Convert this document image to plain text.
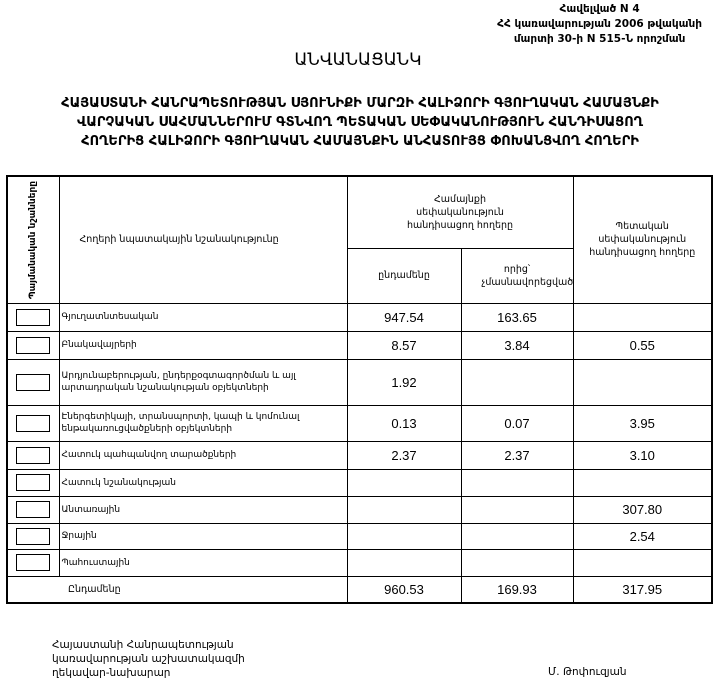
Հավելված N 4
ՀՀ կառավարության 2006 թվականի
մարտի 30-ի N 515-Ն որոշման
ԱՆՎԱՆԱՑԱՆԿ
ՀԱՅԱՍՏԱՆԻ ՀԱՆՐԱՊԵՏՈՒԹՅԱՆ ՍՅՈՒՆԻՔԻ ՄԱՐԶԻ ՀԱԼԻՁՈՐԻ ԳՅՈՒՂԱԿԱՆ ՀԱՄԱՅՆՔԻ
ՎԱՐՉԱԿԱՆ ՍԱՀՄԱՆՆԵՐՈՒՄ ԳՏՆՎՈՂ ՊԵՏԱԿԱՆ ՍԵՓԱԿԱՆՈՒԹՅՈՒՆ ՀԱՆԴԻՍԱՑՈՂ
ՀՈՂԵՐԻՑ ՀԱԼԻՁՈՐԻ ԳՅՈՒՂԱԿԱՆ ՀԱՄԱՅՆՔԻՆ ԱՆՀԱՏՈՒՅՑ ՓՈԽԱՆՑՎՈՂ ՀՈՂԵՐԻ
Պայմանական նշանները	Հողերի նպատակային նշանակությունը	Համայնքի սեփականություն հանդիսացող հողերը		Պետական սեփականություն հանդիսացող հողերը
		ընդամենը	որից՝ չմասնավորեցված	

	Գյուղատնտեսական	947.54	163.65	

	Բնակավայրերի	8.57	3.84	0.55

	Արդյունաբերության, ընդերքօգտագործման և այլ արտադրական նշանակության օբյեկտների	1.92		

	Էներգետիկայի, տրանսպորտի, կապի և կոմունալ ենթակառուցվածքների օբյեկտների	0.13	0.07	3.95

	Հատուկ պահպանվող տարածքների	2.37	2.37	3.10

	Հատուկ նշանակության			

	Անտառային			307.80

	Ջրային			2.54

	Պահուստային			
Ընդամենը		960.53	169.93	317.95
Հայաստանի Հանրապետության
կառավարության աշխատակազմի
ղեկավար-նախարար	Մ. Թոփուզյան
